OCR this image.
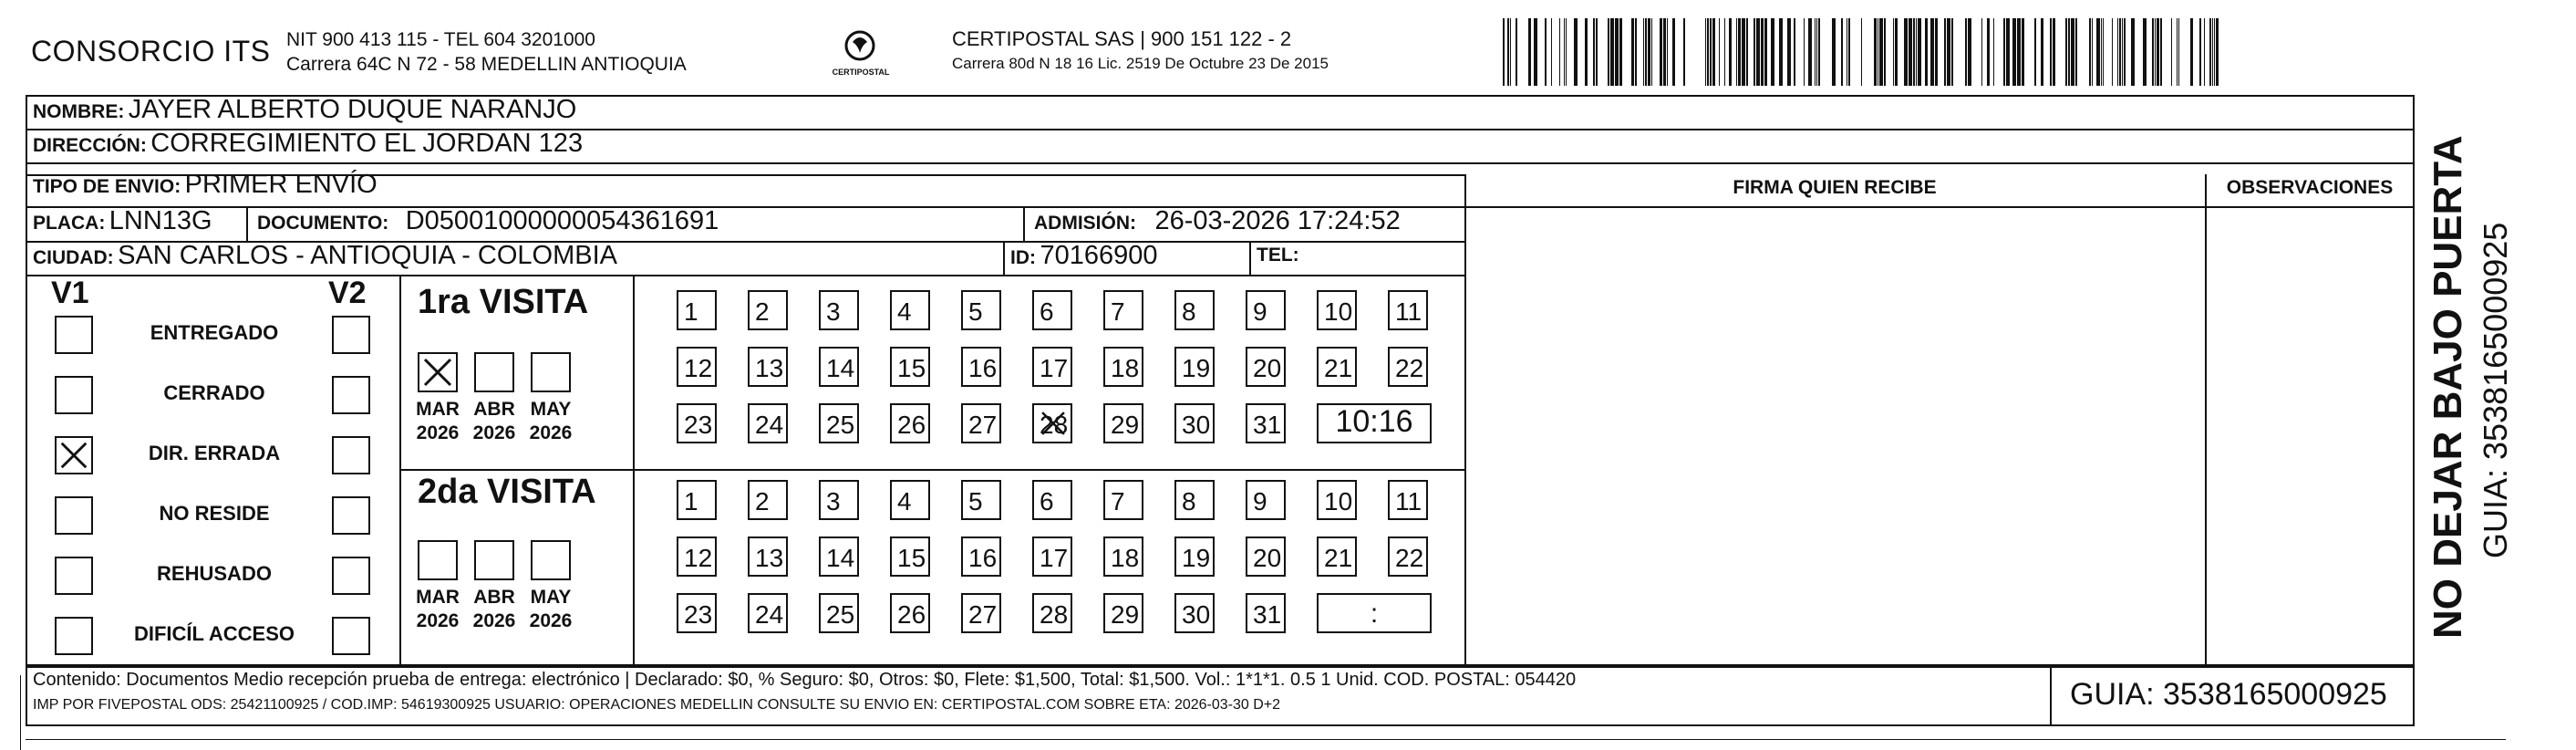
CONSORCIO ITS NIT 900 413 115 - TEL 604 3201000
Carrera 64C N 72 - 58 MEDELLIN ANTIOQUIA	CERTIPOSTAL
CERTIPOSTAL SAS | 900 151 122 - 2
Carrera 80d N 18 16 Lic. 2519 De Octubre 23 De 2015
NOMBRE: JAYER ALBERTO DUQUE NARANJO
DIRECCIÓN: CORREGIMIENTO EL JORDAN 123
TIPO DE ENVIO: PRIMER ENVÍO
PLACA: LNN13G DOCUMENTO: D05001000000054361691	ADMISIÓN: 26-03-2026 17:24:52
CIUDAD: SAN CARLOS - ANTIOQUIA - COLOMBIA	ID: 70166900	TEL:
FIRMA QUIEN RECIBE	OBSERVACIONES
V1	V2
ENTREGADO
CERRADO
DIR. ERRADA
NO RESIDE
REHUSADO
DIFICÍL ACCESO
1ra VISITA
2da VISITA
MAR
2026
ABR
2026
MAY
2026
MAR
2026
ABR
2026
MAY
2026
1	2	3	4	5	6	7	8	9	10 11
12 13 14 15 16 17 18 19 20 21 22
23 24 25 26 27 28 29 30 31	10:16
1	2	3	4	5	6	7	8	9	10 11
12 13 14 15 16 17 18 19 20 21 22
23 24 25 26 27 28 29 30 31	:
Contenido: Documentos Medio recepción prueba de entrega: electrónico | Declarado: $0, % Seguro: $0, Otros: $0, Flete: $1,500, Total: $1,500. Vol.: 1*1*1. 0.5 1 Unid. COD. POSTAL: 054420
IMP POR FIVEPOSTAL ODS: 25421100925 / COD.IMP: 54619300925 USUARIO: OPERACIONES MEDELLIN CONSULTE SU ENVIO EN: CERTIPOSTAL.COM SOBRE ETA: 2026-03-30 D+2	GUIA: 3538165000925
NO DEJAR BAJO PUERTA GUIA: 3538165000925
